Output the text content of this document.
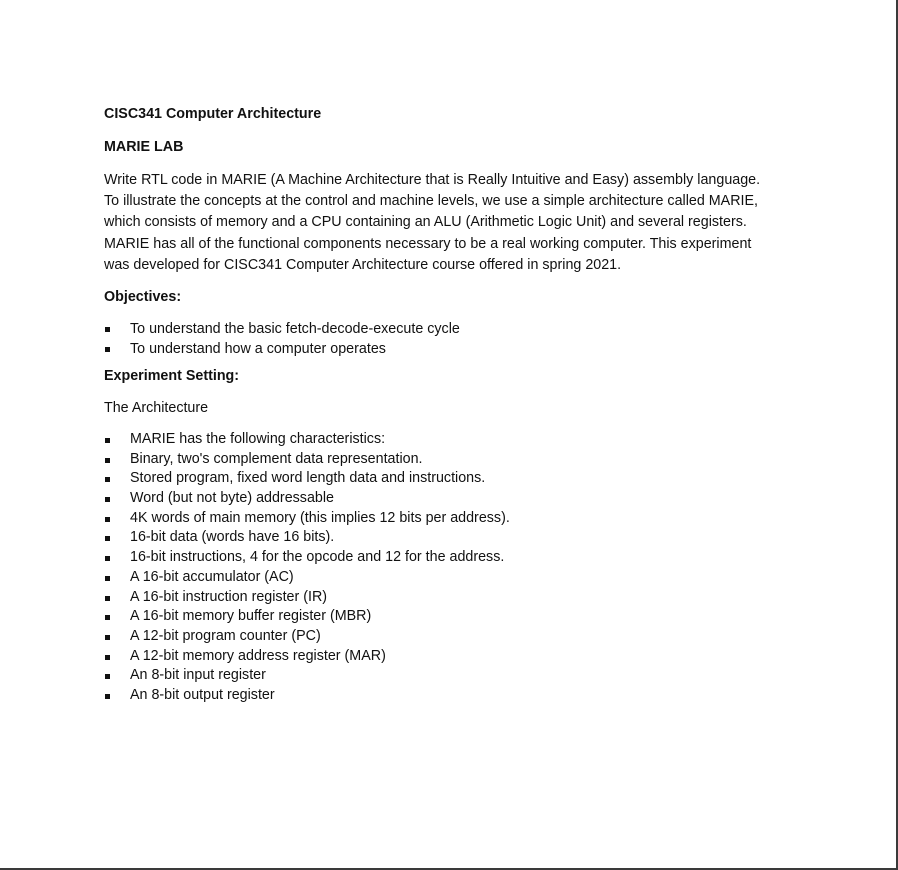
CISC341 Computer Architecture

MARIE LAB

Write RTL code in MARIE (A Machine Architecture that is Really Intuitive and Easy) assembly language.
To illustrate the concepts at the control and machine levels, we use a simple architecture called MARIE,
which consists of memory and a CPU containing an ALU (Arithmetic Logic Unit) and several registers.
MARIE has all of the functional components necessary to be a real working computer. This experiment
was developed for CISC341 Computer Architecture course offered in spring 2021.

Objectives:

To understand the basic fetch-decode-execute cycle
To understand how a computer operates

Experiment Setting:

The Architecture

MARIE has the following characteristics:
Binary, two's complement data representation.
Stored program, fixed word length data and instructions.
Word (but not byte) addressable
4K words of main memory (this implies 12 bits per address).
16-bit data (words have 16 bits).
16-bit instructions, 4 for the opcode and 12 for the address.
A 16-bit accumulator (AC)
A 16-bit instruction register (IR)
A 16-bit memory buffer register (MBR)
A 12-bit program counter (PC)
A 12-bit memory address register (MAR)
An 8-bit input register
An 8-bit output register
